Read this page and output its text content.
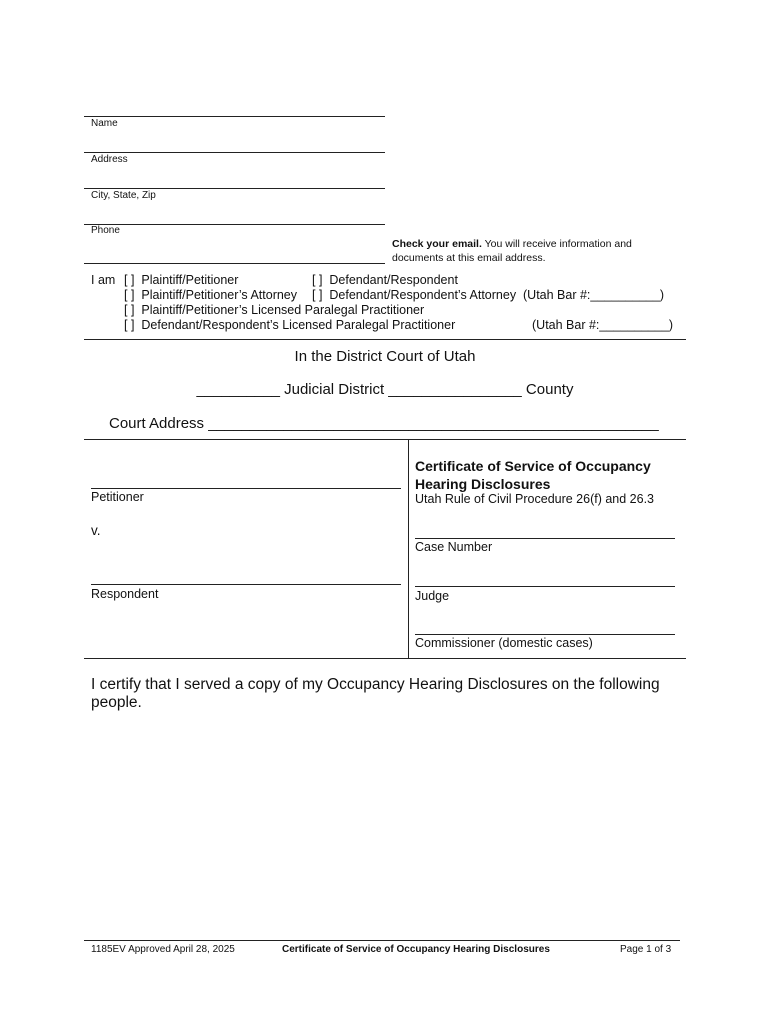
Name
Address
City, State, Zip
Phone
Check your email. You will receive information and
documents at this email address.
I am [ ]  Plaintiff/Petitioner	[ ]  Defendant/Respondent
[ ]  Plaintiff/Petitioner’s Attorney [ ]  Defendant/Respondent’s Attorney  (Utah Bar #:__________)
[ ]  Plaintiff/Petitioner’s Licensed Paralegal Practitioner
[ ]  Defendant/Respondent’s Licensed Paralegal Practitioner	(Utah Bar #:__________)
In the District Court of Utah
__________ Judicial District ________________ County
Court Address ______________________________________________________
Petitioner
v.
Respondent
Certificate of Service of Occupancy
Hearing Disclosures
Utah Rule of Civil Procedure 26(f) and 26.3
Case Number
Judge
Commissioner (domestic cases)
I certify that I served a copy of my Occupancy Hearing Disclosures on the following
people.
1185EV Approved April 28, 2025	Certificate of Service of Occupancy Hearing Disclosures	Page 1 of 3
